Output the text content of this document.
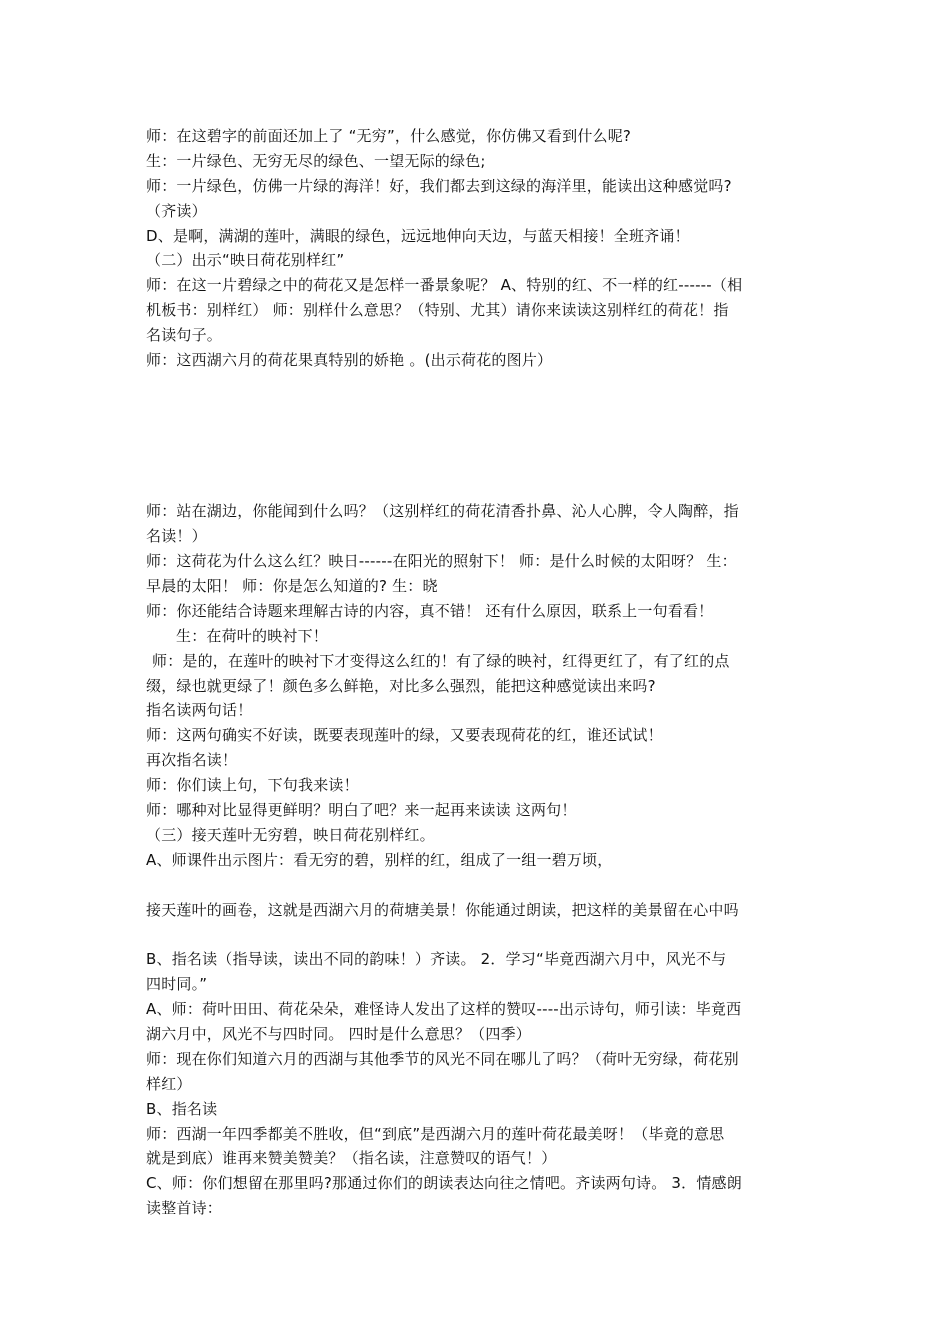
师：在这碧字的前面还加上了 “无穷”，什么感觉，你仿佛又看到什么呢?
生：一片绿色、无穷无尽的绿色、一望无际的绿色;
师：一片绿色，仿佛一片绿的海洋！好，我们都去到这绿的海洋里，能读出这种感觉吗?
（齐读）
D、是啊，满湖的莲叶，满眼的绿色，远远地伸向天边，与蓝天相接！全班齐诵！
（二）出示“映日荷花别样红”
师：在这一片碧绿之中的荷花又是怎样一番景象呢？ A、特别的红、不一样的红------（相
机板书：别样红） 师：别样什么意思？（特别、尤其）请你来读读这别样红的荷花！指
名读句子。
师：这西湖六月的荷花果真特别的娇艳 。(出示荷花的图片）
师：站在湖边，你能闻到什么吗？（这别样红的荷花清香扑鼻、沁人心脾，令人陶醉，指
名读！）
师：这荷花为什么这么红？映日------在阳光的照射下！ 师：是什么时候的太阳呀？ 生：
早晨的太阳！ 师：你是怎么知道的? 生：晓
师：你还能结合诗题来理解古诗的内容，真不错！ 还有什么原因，联系上一句看看！
生：在荷叶的映衬下！
师：是的，在莲叶的映衬下才变得这么红的！有了绿的映衬，红得更红了，有了红的点
缀，绿也就更绿了！颜色多么鲜艳，对比多么强烈，能把这种感觉读出来吗?
指名读两句话！
师：这两句确实不好读，既要表现莲叶的绿，又要表现荷花的红，谁还试试！
再次指名读！
师：你们读上句，下句我来读！
师：哪种对比显得更鲜明？明白了吧？来一起再来读读 这两句！
（三）接天莲叶无穷碧，映日荷花别样红。
A、师课件出示图片：看无穷的碧，别样的红，组成了一组一碧万顷，
接天莲叶的画卷，这就是西湖六月的荷塘美景！你能通过朗读，把这样的美景留在心中吗
B、指名读（指导读，读出不同的韵味！）齐读。 2．学习“毕竟西湖六月中，风光不与
四时同。”
A、师：荷叶田田、荷花朵朵，难怪诗人发出了这样的赞叹----出示诗句，师引读：毕竟西
湖六月中，风光不与四时同。 四时是什么意思？（四季）
师：现在你们知道六月的西湖与其他季节的风光不同在哪儿了吗？（荷叶无穷绿，荷花别
样红）
B、指名读
师：西湖一年四季都美不胜收，但“到底”是西湖六月的莲叶荷花最美呀！（毕竟的意思
就是到底）谁再来赞美赞美？（指名读，注意赞叹的语气！）
C、师：你们想留在那里吗?那通过你们的朗读表达向往之情吧。齐读两句诗。 3．情感朗
读整首诗：
